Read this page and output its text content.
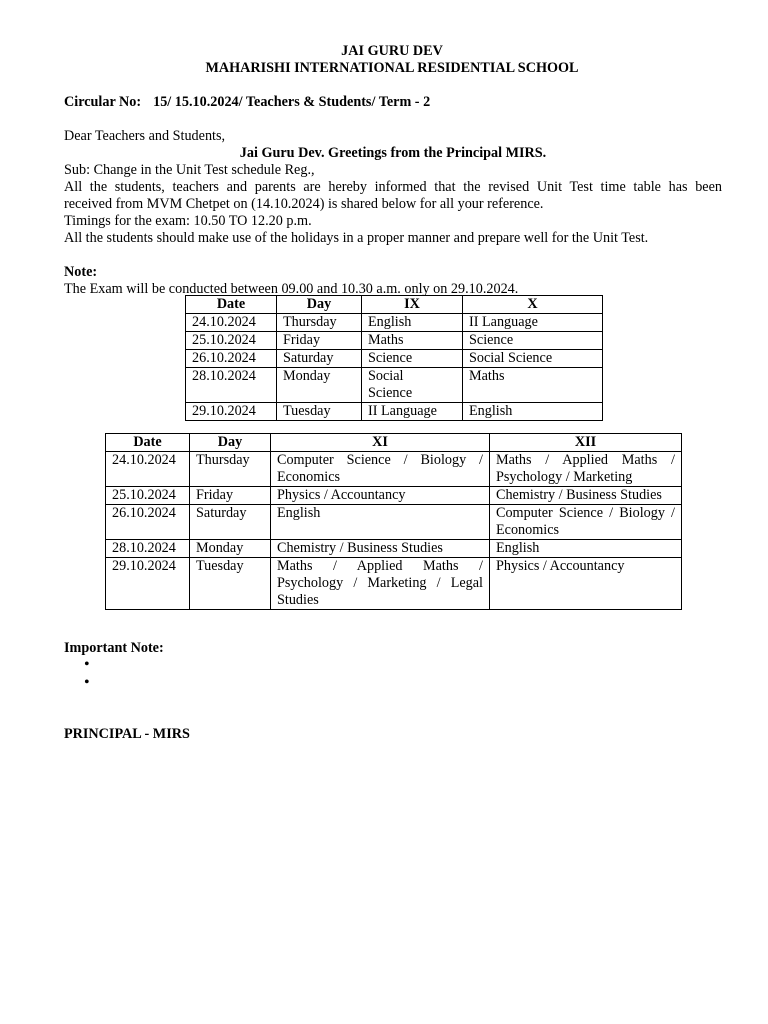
JAI GURU DEV
MAHARISHI INTERNATIONAL RESIDENTIAL SCHOOL
Circular No: 15/ 15.10.2024/ Teachers & Students/ Term - 2
Dear Teachers and Students,
Jai Guru Dev. Greetings from the Principal MIRS.
Sub: Change in the Unit Test schedule Reg.,
All the students, teachers and parents are hereby informed that the revised Unit Test time table has been
received from MVM Chetpet on (14.10.2024) is shared below for all your reference.
Timings for the exam: 10.50 TO 12.20 p.m.
All the students should make use of the holidays in a proper manner and prepare well for the Unit Test.
Note:
The Exam will be conducted between 09.00 and 10.30 a.m. only on 29.10.2024.
Date	Day	IX	X
24.10.2024	Thursday	English	II Language
25.10.2024	Friday	Maths	Science
26.10.2024	Saturday	Science	Social Science
28.10.2024	Monday	Social Science	Maths
29.10.2024	Tuesday	II Language	English
Date	Day	XI	XII
24.10.2024	Thursday	Computer Science / Biology / Economics	Maths / Applied Maths / Psychology / Marketing
25.10.2024	Friday	Physics / Accountancy	Chemistry / Business Studies
26.10.2024	Saturday	English	Computer Science / Biology / Economics
28.10.2024	Monday	Chemistry / Business Studies	English
29.10.2024	Tuesday	Maths / Applied Maths / Psychology / Marketing / Legal Studies	Physics / Accountancy
Important Note:
•
•
PRINCIPAL - MIRS
